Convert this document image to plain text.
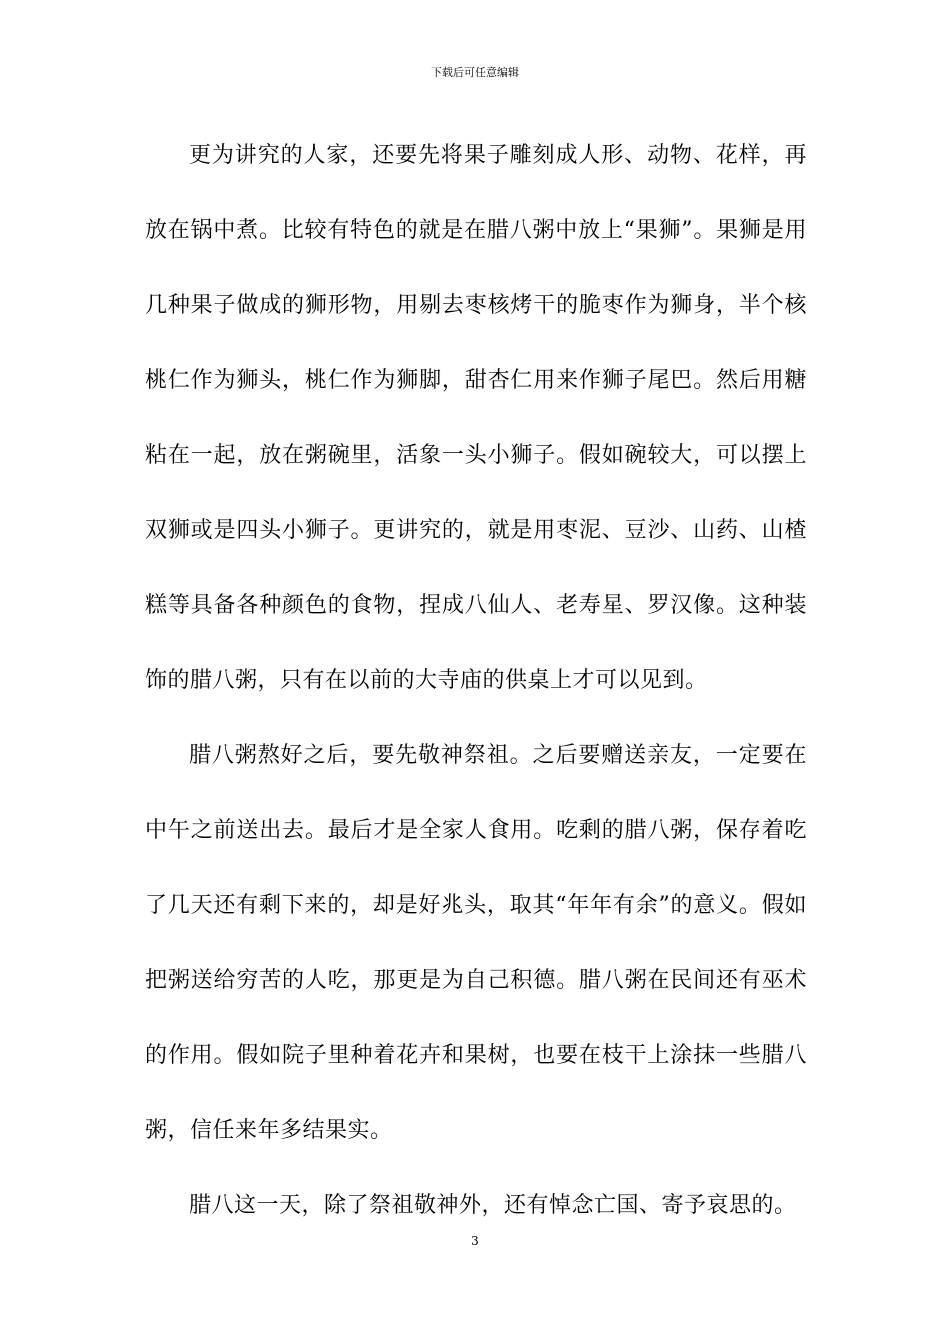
下载后可任意编辑

更为讲究的人家，还要先将果子雕刻成人形、动物、花样，再放在锅中煮。比较有特色的就是在腊八粥中放上“果狮”。果狮是用几种果子做成的狮形物，用剔去枣核烤干的脆枣作为狮身，半个核桃仁作为狮头，桃仁作为狮脚，甜杏仁用来作狮子尾巴。然后用糖粘在一起，放在粥碗里，活象一头小狮子。假如碗较大，可以摆上双狮或是四头小狮子。更讲究的，就是用枣泥、豆沙、山药、山楂糕等具备各种颜色的食物，捏成八仙人、老寿星、罗汉像。这种装饰的腊八粥，只有在以前的大寺庙的供桌上才可以见到。

腊八粥熬好之后，要先敬神祭祖。之后要赠送亲友，一定要在中午之前送出去。最后才是全家人食用。吃剩的腊八粥，保存着吃了几天还有剩下来的，却是好兆头，取其“年年有余”的意义。假如把粥送给穷苦的人吃，那更是为自己积德。腊八粥在民间还有巫术的作用。假如院子里种着花卉和果树，也要在枝干上涂抹一些腊八粥，信任来年多结果实。

腊八这一天，除了祭祖敬神外，还有悼念亡国、寄予哀思的。

3
